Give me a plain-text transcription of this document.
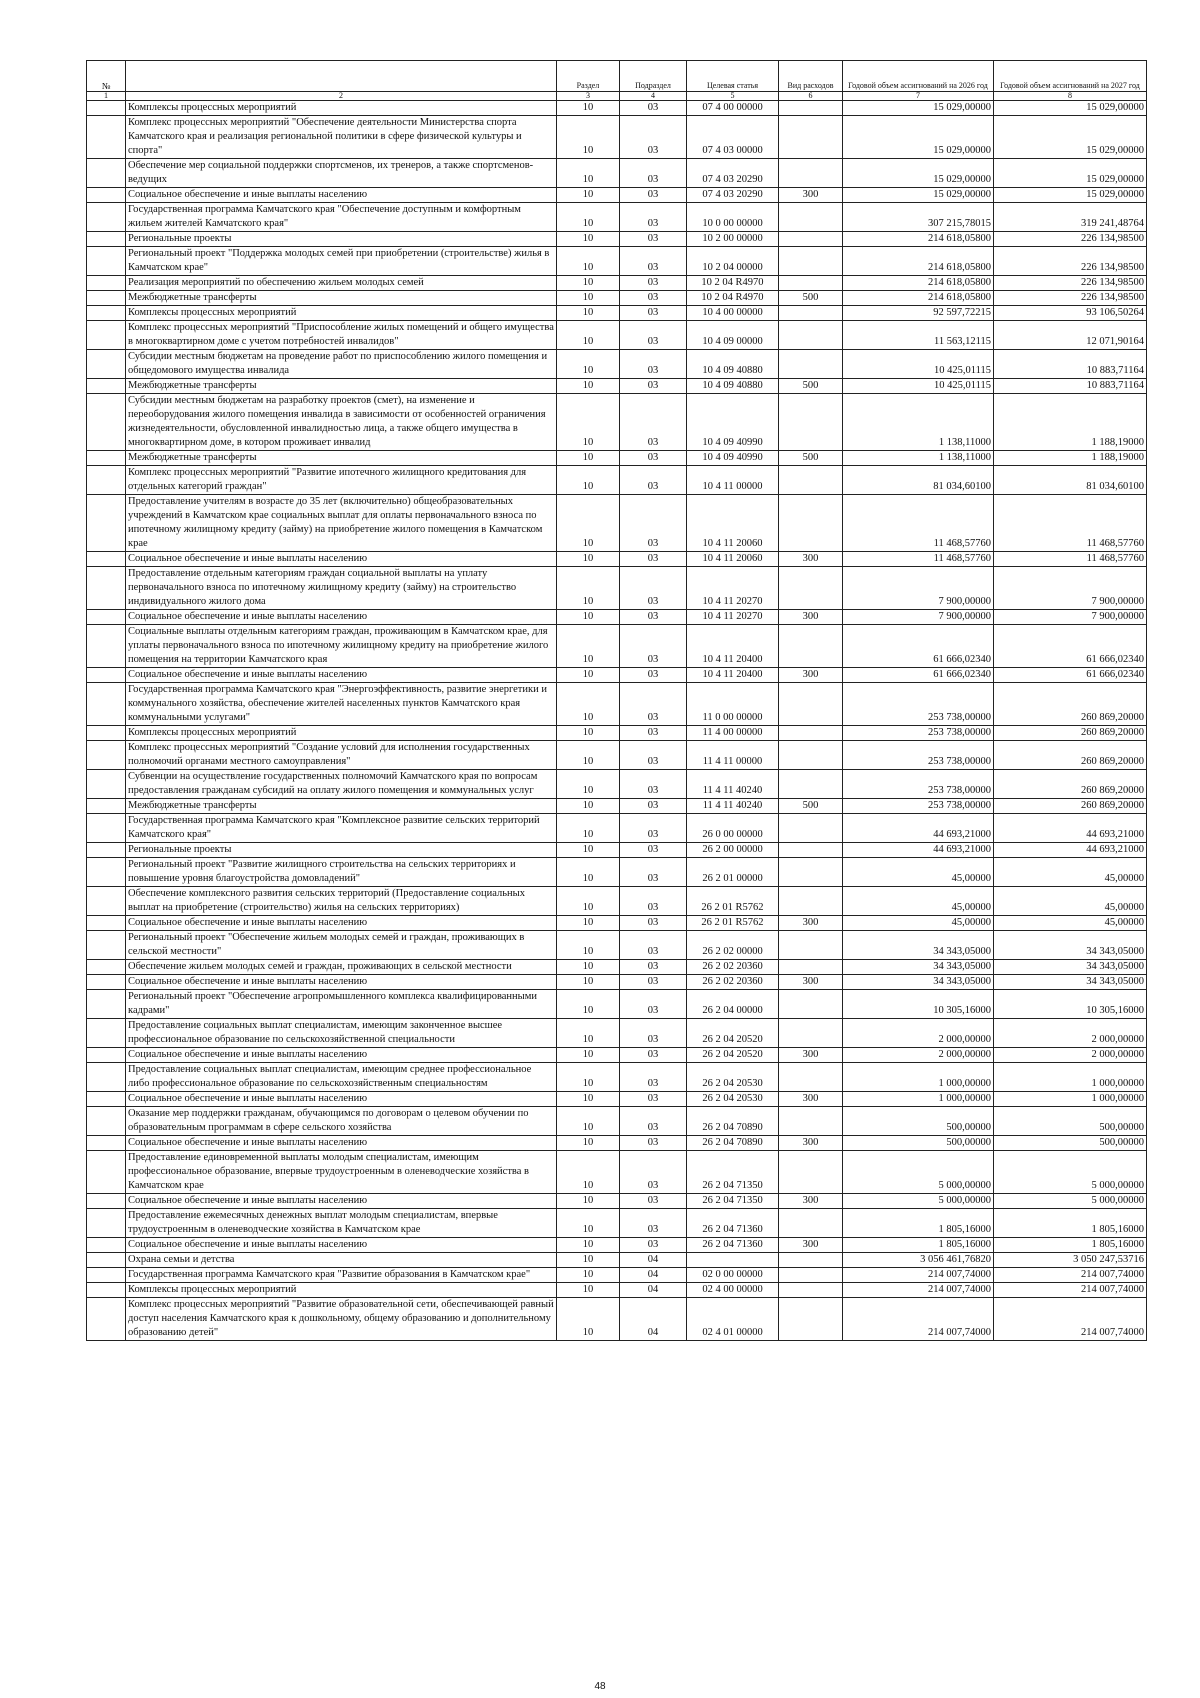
№		Раздел	Подраздел	Целевая статья	Вид расходов	Годовой объем ассигнований на 2026 год	Годовой объем ассигнований на 2027 год
1	2	3	4	5	6	7	8
	Комплексы процессных мероприятий	10	03	07 4 00 00000		15 029,00000	15 029,00000
	Комплекс процессных мероприятий "Обеспечение деятельности Министерства спорта Камчатского края и реализация региональной политики в сфере физической культуры и спорта"	10	03	07 4 03 00000		15 029,00000	15 029,00000
	Обеспечение мер социальной поддержки спортсменов, их тренеров, а также спортсменов-ведущих	10	03	07 4 03 20290		15 029,00000	15 029,00000
	Социальное обеспечение и иные выплаты населению	10	03	07 4 03 20290	300	15 029,00000	15 029,00000
	Государственная программа Камчатского края "Обеспечение доступным и комфортным жильем жителей Камчатского края"	10	03	10 0 00 00000		307 215,78015	319 241,48764
	Региональные проекты	10	03	10 2 00 00000		214 618,05800	226 134,98500
	Региональный проект "Поддержка молодых семей при приобретении (строительстве) жилья в Камчатском крае"	10	03	10 2 04 00000		214 618,05800	226 134,98500
	Реализация мероприятий по обеспечению жильем молодых семей	10	03	10 2 04 R4970		214 618,05800	226 134,98500
	Межбюджетные трансферты	10	03	10 2 04 R4970	500	214 618,05800	226 134,98500
	Комплексы процессных мероприятий	10	03	10 4 00 00000		92 597,72215	93 106,50264
	Комплекс процессных мероприятий "Приспособление жилых помещений и общего имущества в многоквартирном доме с учетом потребностей инвалидов"	10	03	10 4 09 00000		11 563,12115	12 071,90164
	Субсидии местным бюджетам на проведение работ по приспособлению жилого помещения и общедомового имущества инвалида	10	03	10 4 09 40880		10 425,01115	10 883,71164
	Межбюджетные трансферты	10	03	10 4 09 40880	500	10 425,01115	10 883,71164
	Субсидии местным бюджетам на разработку проектов (смет), на изменение и переоборудования жилого помещения инвалида в зависимости от особенностей ограничения жизнедеятельности, обусловленной инвалидностью лица, а также общего имущества в многоквартирном доме, в котором проживает инвалид	10	03	10 4 09 40990		1 138,11000	1 188,19000
	Межбюджетные трансферты	10	03	10 4 09 40990	500	1 138,11000	1 188,19000
	Комплекс процессных мероприятий "Развитие ипотечного жилищного кредитования для отдельных категорий граждан"	10	03	10 4 11 00000		81 034,60100	81 034,60100
	Предоставление учителям в возрасте до 35 лет (включительно) общеобразовательных учреждений в Камчатском крае социальных выплат для оплаты первоначального взноса по ипотечному жилищному кредиту (займу) на приобретение жилого помещения в Камчатском крае	10	03	10 4 11 20060		11 468,57760	11 468,57760
	Социальное обеспечение и иные выплаты населению	10	03	10 4 11 20060	300	11 468,57760	11 468,57760
	Предоставление отдельным категориям граждан социальной выплаты на уплату первоначального взноса по ипотечному жилищному кредиту (займу) на строительство индивидуального жилого дома	10	03	10 4 11 20270		7 900,00000	7 900,00000
	Социальное обеспечение и иные выплаты населению	10	03	10 4 11 20270	300	7 900,00000	7 900,00000
	Социальные выплаты отдельным категориям граждан, проживающим в Камчатском крае, для уплаты первоначального взноса по ипотечному жилищному кредиту на приобретение жилого помещения на территории Камчатского края	10	03	10 4 11 20400		61 666,02340	61 666,02340
	Социальное обеспечение и иные выплаты населению	10	03	10 4 11 20400	300	61 666,02340	61 666,02340
	Государственная программа Камчатского края "Энергоэффективность, развитие энергетики и коммунального хозяйства, обеспечение жителей населенных пунктов Камчатского края коммунальными услугами"	10	03	11 0 00 00000		253 738,00000	260 869,20000
	Комплексы процессных мероприятий	10	03	11 4 00 00000		253 738,00000	260 869,20000
	Комплекс процессных мероприятий "Создание условий для исполнения государственных полномочий органами местного самоуправления"	10	03	11 4 11 00000		253 738,00000	260 869,20000
	Субвенции на осуществление государственных полномочий Камчатского края по вопросам предоставления гражданам субсидий на оплату жилого помещения и коммунальных услуг	10	03	11 4 11 40240		253 738,00000	260 869,20000
	Межбюджетные трансферты	10	03	11 4 11 40240	500	253 738,00000	260 869,20000
	Государственная программа Камчатского края "Комплексное развитие сельских территорий Камчатского края"	10	03	26 0 00 00000		44 693,21000	44 693,21000
	Региональные проекты	10	03	26 2 00 00000		44 693,21000	44 693,21000
	Региональный проект "Развитие жилищного строительства на сельских территориях и повышение уровня благоустройства домовладений"	10	03	26 2 01 00000		45,00000	45,00000
	Обеспечение комплексного развития сельских территорий (Предоставление социальных выплат на приобретение (строительство) жилья на сельских территориях)	10	03	26 2 01 R5762		45,00000	45,00000
	Социальное обеспечение и иные выплаты населению	10	03	26 2 01 R5762	300	45,00000	45,00000
	Региональный проект "Обеспечение жильем молодых семей и граждан, проживающих в сельской местности"	10	03	26 2 02 00000		34 343,05000	34 343,05000
	Обеспечение жильем молодых семей и граждан, проживающих в сельской местности	10	03	26 2 02 20360		34 343,05000	34 343,05000
	Социальное обеспечение и иные выплаты населению	10	03	26 2 02 20360	300	34 343,05000	34 343,05000
	Региональный проект "Обеспечение агропромышленного комплекса квалифицированными кадрами"	10	03	26 2 04 00000		10 305,16000	10 305,16000
	Предоставление социальных выплат специалистам, имеющим законченное высшее профессиональное образование по сельскохозяйственной специальности	10	03	26 2 04 20520		2 000,00000	2 000,00000
	Социальное обеспечение и иные выплаты населению	10	03	26 2 04 20520	300	2 000,00000	2 000,00000
	Предоставление социальных выплат специалистам, имеющим среднее профессиональное либо профессиональное образование по сельскохозяйственным специальностям	10	03	26 2 04 20530		1 000,00000	1 000,00000
	Социальное обеспечение и иные выплаты населению	10	03	26 2 04 20530	300	1 000,00000	1 000,00000
	Оказание мер поддержки гражданам, обучающимся по договорам о целевом обучении по образовательным программам в сфере сельского хозяйства	10	03	26 2 04 70890		500,00000	500,00000
	Социальное обеспечение и иные выплаты населению	10	03	26 2 04 70890	300	500,00000	500,00000
	Предоставление единовременной выплаты молодым специалистам, имеющим профессиональное образование, впервые трудоустроенным в оленеводческие хозяйства в Камчатском крае	10	03	26 2 04 71350		5 000,00000	5 000,00000
	Социальное обеспечение и иные выплаты населению	10	03	26 2 04 71350	300	5 000,00000	5 000,00000
	Предоставление ежемесячных денежных выплат молодым специалистам, впервые трудоустроенным в оленеводческие хозяйства в Камчатском крае	10	03	26 2 04 71360		1 805,16000	1 805,16000
	Социальное обеспечение и иные выплаты населению	10	03	26 2 04 71360	300	1 805,16000	1 805,16000
	Охрана семьи и детства	10	04			3 056 461,76820	3 050 247,53716
	Государственная программа Камчатского края "Развитие образования в Камчатском крае"	10	04	02 0 00 00000		214 007,74000	214 007,74000
	Комплексы процессных мероприятий	10	04	02 4 00 00000		214 007,74000	214 007,74000
	Комплекс процессных мероприятий "Развитие образовательной сети, обеспечивающей равный доступ населения Камчатского края к дошкольному, общему образованию и дополнительному образованию детей"	10	04	02 4 01 00000		214 007,74000	214 007,74000
48
